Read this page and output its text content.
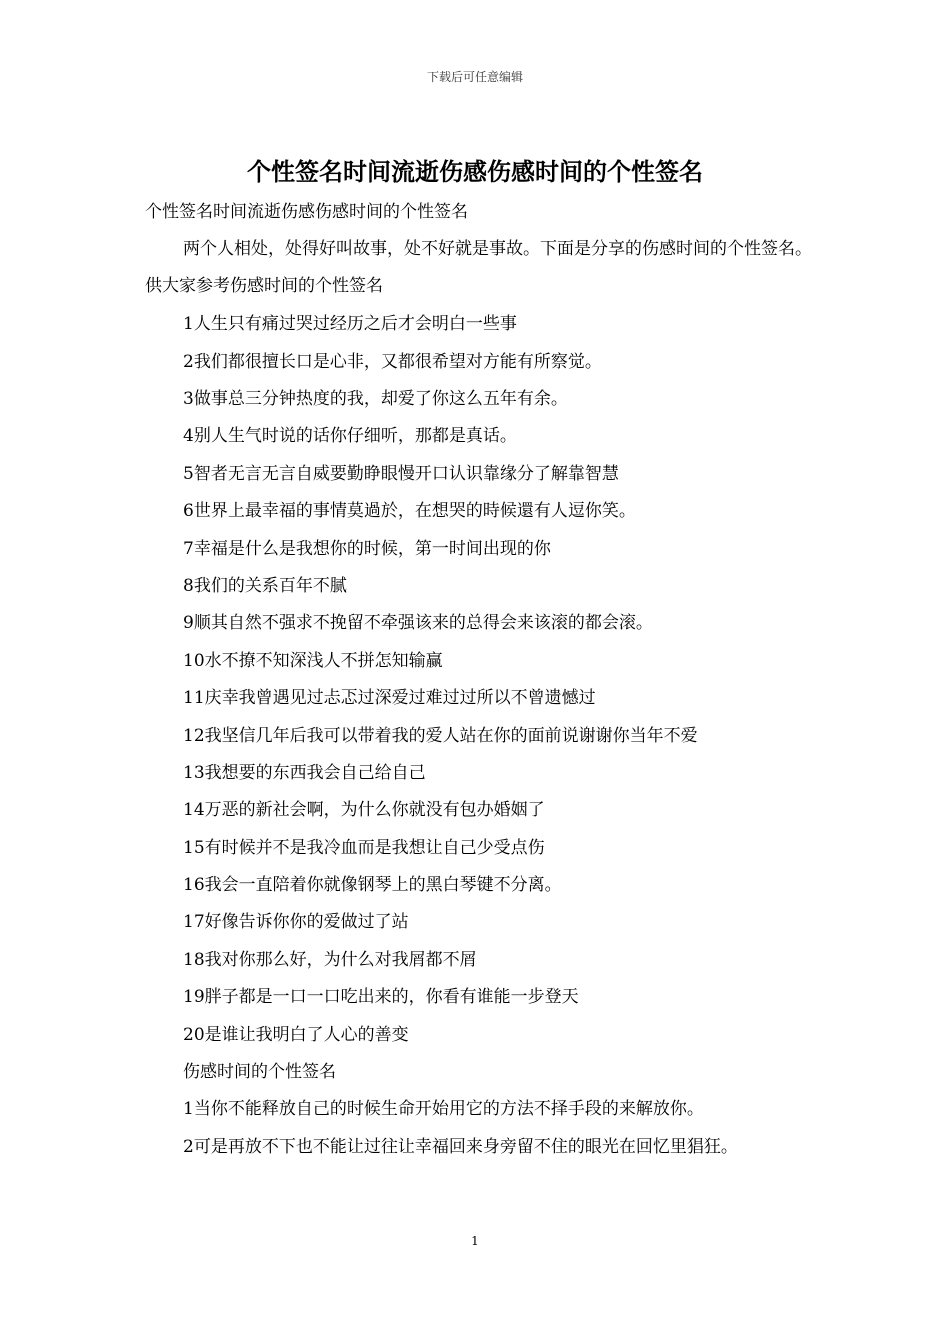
下载后可任意编辑
个性签名时间流逝伤感伤感时间的个性签名
个性签名时间流逝伤感伤感时间的个性签名
两个人相处，处得好叫故事，处不好就是事故。下面是分享的伤感时间的个性签名。供大家参考伤感时间的个性签名
1人生只有痛过哭过经历之后才会明白一些事
2我们都很擅长口是心非，又都很希望对方能有所察觉。
3做事总三分钟热度的我，却爱了你这么五年有余。
4别人生气时说的话你仔细听，那都是真话。
5智者无言无言自威要勤睁眼慢开口认识靠缘分了解靠智慧
6世界上最幸福的事情莫過於，在想哭的時候還有人逗你笑。
7幸福是什么是我想你的时候，第一时间出现的你
8我们的关系百年不腻
9顺其自然不强求不挽留不牵强该来的总得会来该滚的都会滚。
10水不撩不知深浅人不拼怎知输赢
11庆幸我曾遇见过忐忑过深爱过难过过所以不曾遗憾过
12我坚信几年后我可以带着我的爱人站在你的面前说谢谢你当年不爱
13我想要的东西我会自己给自己
14万恶的新社会啊，为什么你就没有包办婚姻了
15有时候并不是我冷血而是我想让自己少受点伤
16我会一直陪着你就像钢琴上的黑白琴键不分离。
17好像告诉你你的爱做过了站
18我对你那么好，为什么对我屑都不屑
19胖子都是一口一口吃出来的，你看有谁能一步登天
20是谁让我明白了人心的善变
伤感时间的个性签名
1当你不能释放自己的时候生命开始用它的方法不择手段的来解放你。
2可是再放不下也不能让过往让幸福回来身旁留不住的眼光在回忆里猖狂。
1
